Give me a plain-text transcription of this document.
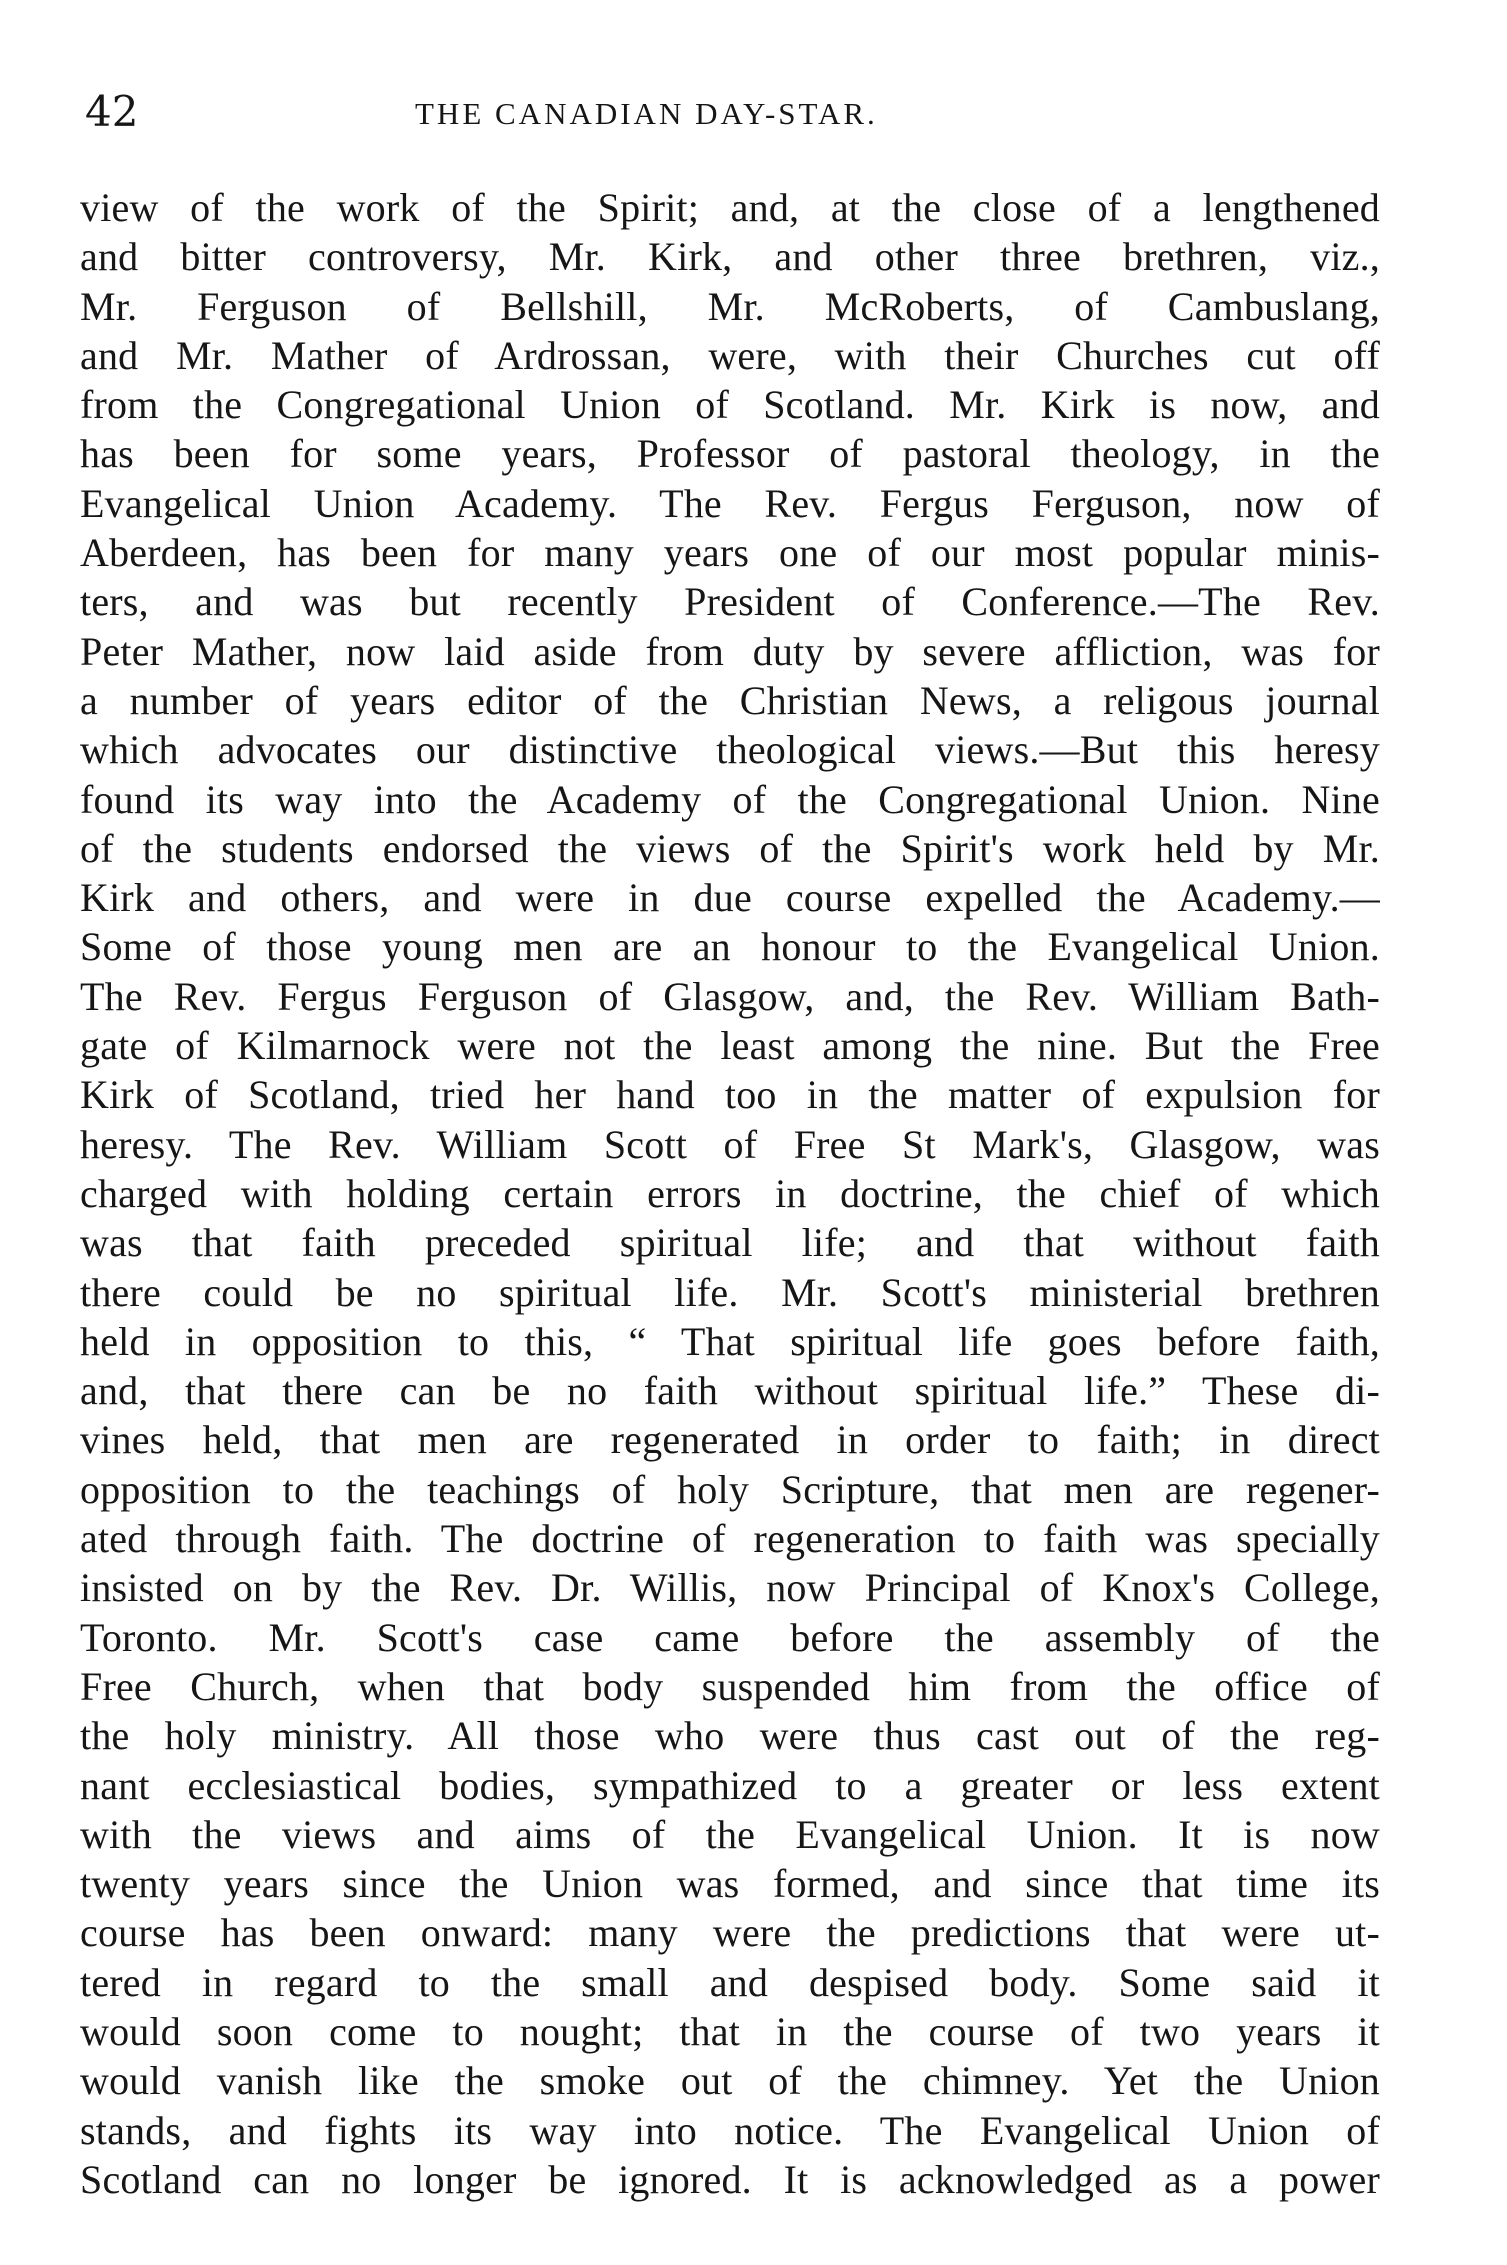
42	THE CANADIAN DAY-STAR.
view of the work of the Spirit; and, at the close of a lengthened
and bitter controversy, Mr. Kirk, and other three brethren, viz.,
Mr. Ferguson of Bellshill, Mr. McRoberts, of Cambuslang,
and Mr. Mather of Ardrossan, were, with their Churches cut off
from the Congregational Union of Scotland. Mr. Kirk is now, and
has been for some years, Professor of pastoral theology, in the
Evangelical Union Academy. The Rev. Fergus Ferguson, now of
Aberdeen, has been for many years one of our most popular minis-
ters, and was but recently President of Conference.—The Rev.
Peter Mather, now laid aside from duty by severe affliction, was for
a number of years editor of the Christian News, a religous journal
which advocates our distinctive theological views.—But this heresy
found its way into the Academy of the Congregational Union. Nine
of the students endorsed the views of the Spirit's work held by Mr.
Kirk and others, and were in due course expelled the Academy.—
Some of those young men are an honour to the Evangelical Union.
The Rev. Fergus Ferguson of Glasgow, and, the Rev. William Bath-
gate of Kilmarnock were not the least among the nine. But the Free
Kirk of Scotland, tried her hand too in the matter of expulsion for
heresy. The Rev. William Scott of Free St Mark's, Glasgow, was
charged with holding certain errors in doctrine, the chief of which
was that faith preceded spiritual life; and that without faith
there could be no spiritual life. Mr. Scott's ministerial brethren
held in opposition to this, “ That spiritual life goes before faith,
and, that there can be no faith without spiritual life.” These di-
vines held, that men are regenerated in order to faith; in direct
opposition to the teachings of holy Scripture, that men are regener-
ated through faith. The doctrine of regeneration to faith was specially
insisted on by the Rev. Dr. Willis, now Principal of Knox's College,
Toronto. Mr. Scott's case came before the assembly of the
Free Church, when that body suspended him from the office of
the holy ministry. All those who were thus cast out of the reg-
nant ecclesiastical bodies, sympathized to a greater or less extent
with the views and aims of the Evangelical Union. It is now
twenty years since the Union was formed, and since that time its
course has been onward: many were the predictions that were ut-
tered in regard to the small and despised body. Some said it
would soon come to nought; that in the course of two years it
would vanish like the smoke out of the chimney. Yet the Union
stands, and fights its way into notice. The Evangelical Union of
Scotland can no longer be ignored. It is acknowledged as a power
